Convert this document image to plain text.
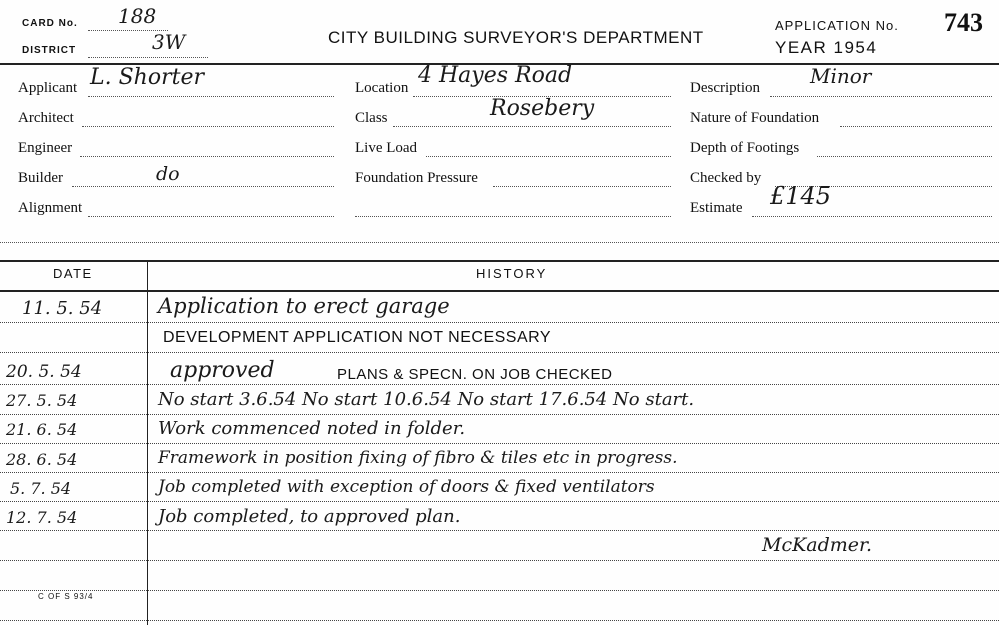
CARD No. 188
DISTRICT	3W	CITY BUILDING SURVEYOR'S DEPARTMENT
APPLICATION No. 743
YEAR 1954
Applicant L. Shorter
Architect
Engineer
Builder	do
Alignment
Location 4 Hayes Road
Class	Rosebery
Live Load
Foundation Pressure
Description	Minor
Nature of Foundation
Depth of Footings
Checked by
Estimate £145
DATE	HISTORY
11. 5. 54	Application to erect garage
DEVELOPMENT APPLICATION NOT NECESSARY
20. 5. 54	approved	PLANS & SPECN. ON JOB CHECKED
27. 5. 54	No start 3.6.54 No start 10.6.54 No start 17.6.54 No start.
21. 6. 54	Work commenced noted in folder.
28. 6. 54	Framework in position fixing of fibro & tiles etc in progress.
5. 7. 54	Job completed with exception of doors & fixed ventilators
12. 7. 54	Job completed, to approved plan.
McKadmer.
C OF S 93/4
